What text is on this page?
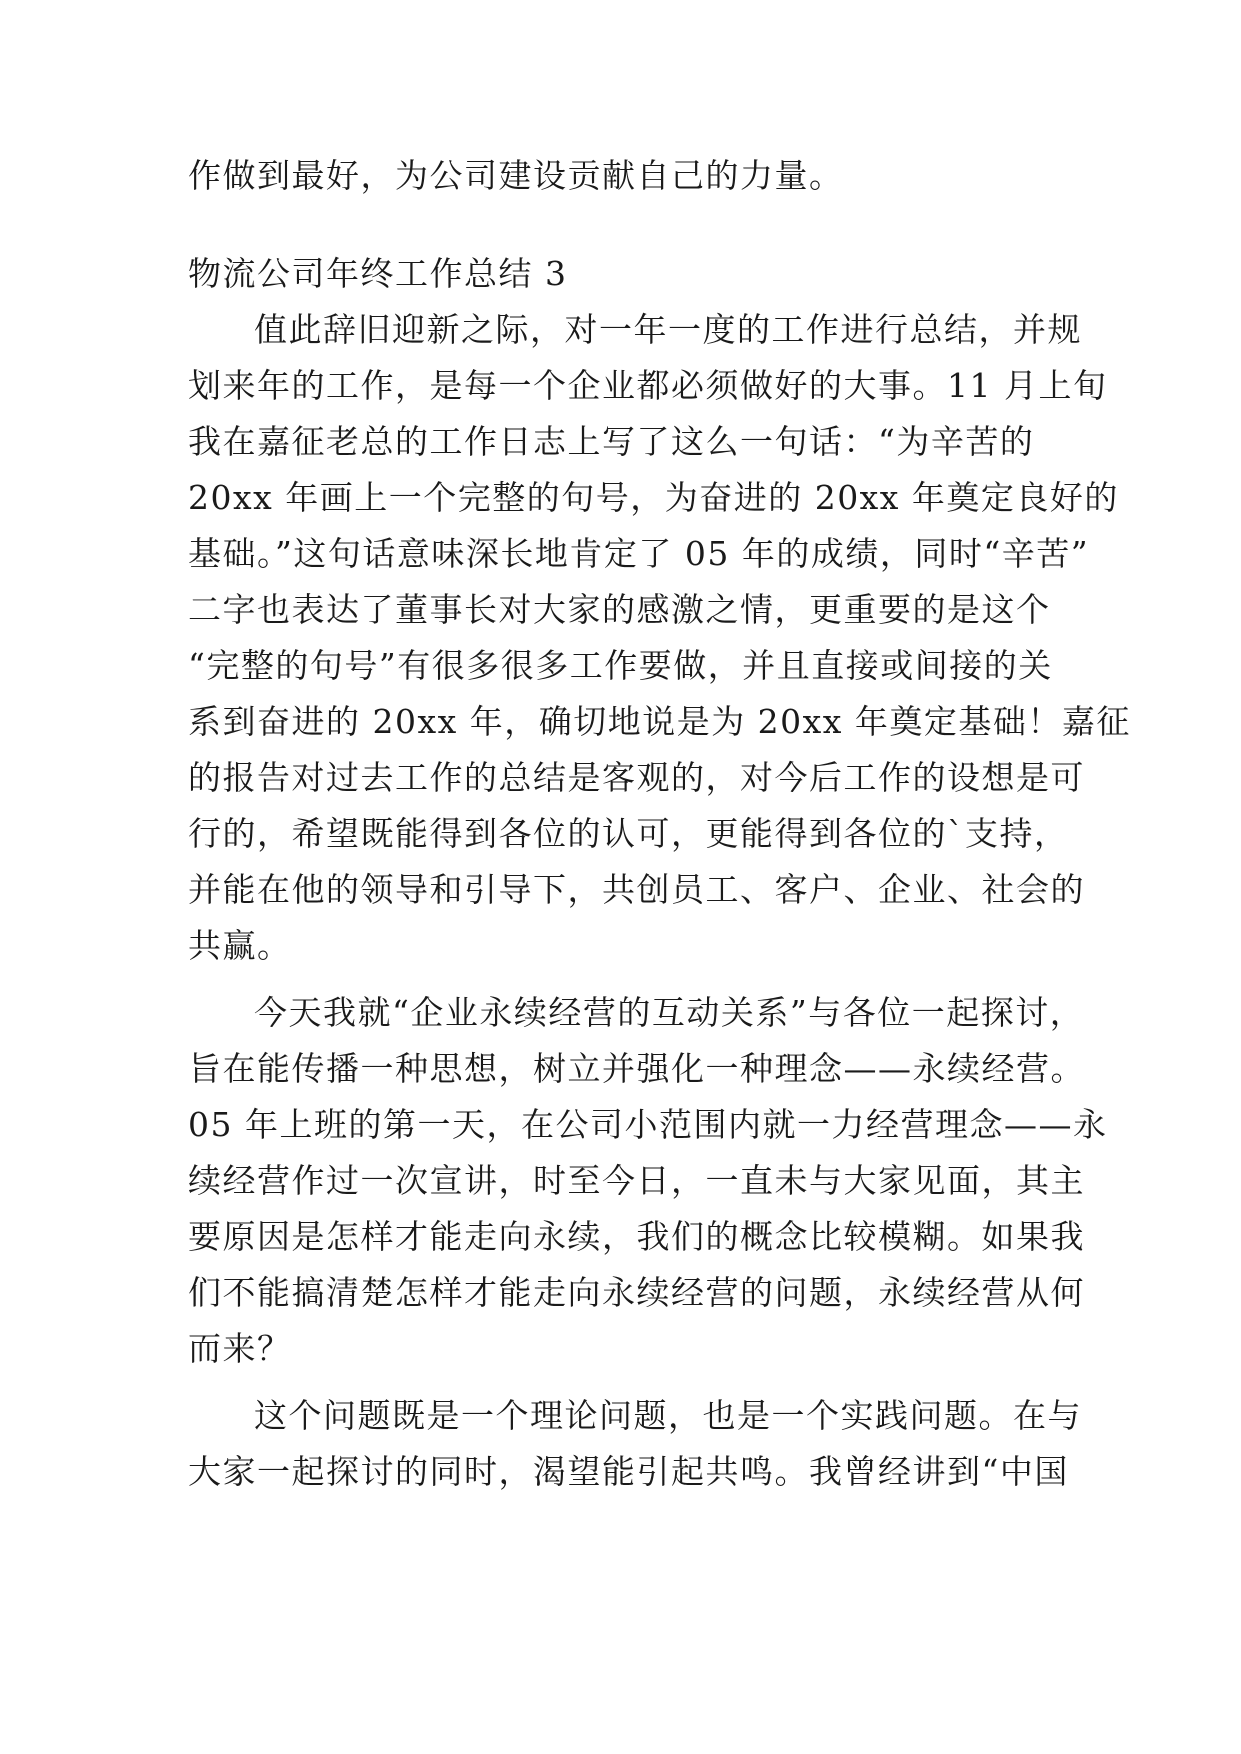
作做到最好，为公司建设贡献自己的力量。
物流公司年终工作总结 3
值此辞旧迎新之际，对一年一度的工作进行总结，并规
划来年的工作，是每一个企业都必须做好的大事。11 月上旬
我在嘉征老总的工作日志上写了这么一句话：“为辛苦的
20xx 年画上一个完整的句号，为奋进的 20xx 年奠定良好的
基础。”这句话意味深长地肯定了 05 年的成绩，同时“辛苦”
二字也表达了董事长对大家的感激之情，更重要的是这个
“完整的句号”有很多很多工作要做，并且直接或间接的关
系到奋进的 20xx 年，确切地说是为 20xx 年奠定基础！嘉征
的报告对过去工作的总结是客观的，对今后工作的设想是可
行的，希望既能得到各位的认可，更能得到各位的`支持，
并能在他的领导和引导下，共创员工、客户、企业、社会的
共赢。
今天我就“企业永续经营的互动关系”与各位一起探讨，
旨在能传播一种思想，树立并强化一种理念——永续经营。
05 年上班的第一天，在公司小范围内就一力经营理念——永
续经营作过一次宣讲，时至今日，一直未与大家见面，其主
要原因是怎样才能走向永续，我们的概念比较模糊。如果我
们不能搞清楚怎样才能走向永续经营的问题，永续经营从何
而来？
这个问题既是一个理论问题，也是一个实践问题。在与
大家一起探讨的同时，渴望能引起共鸣。我曾经讲到“中国
